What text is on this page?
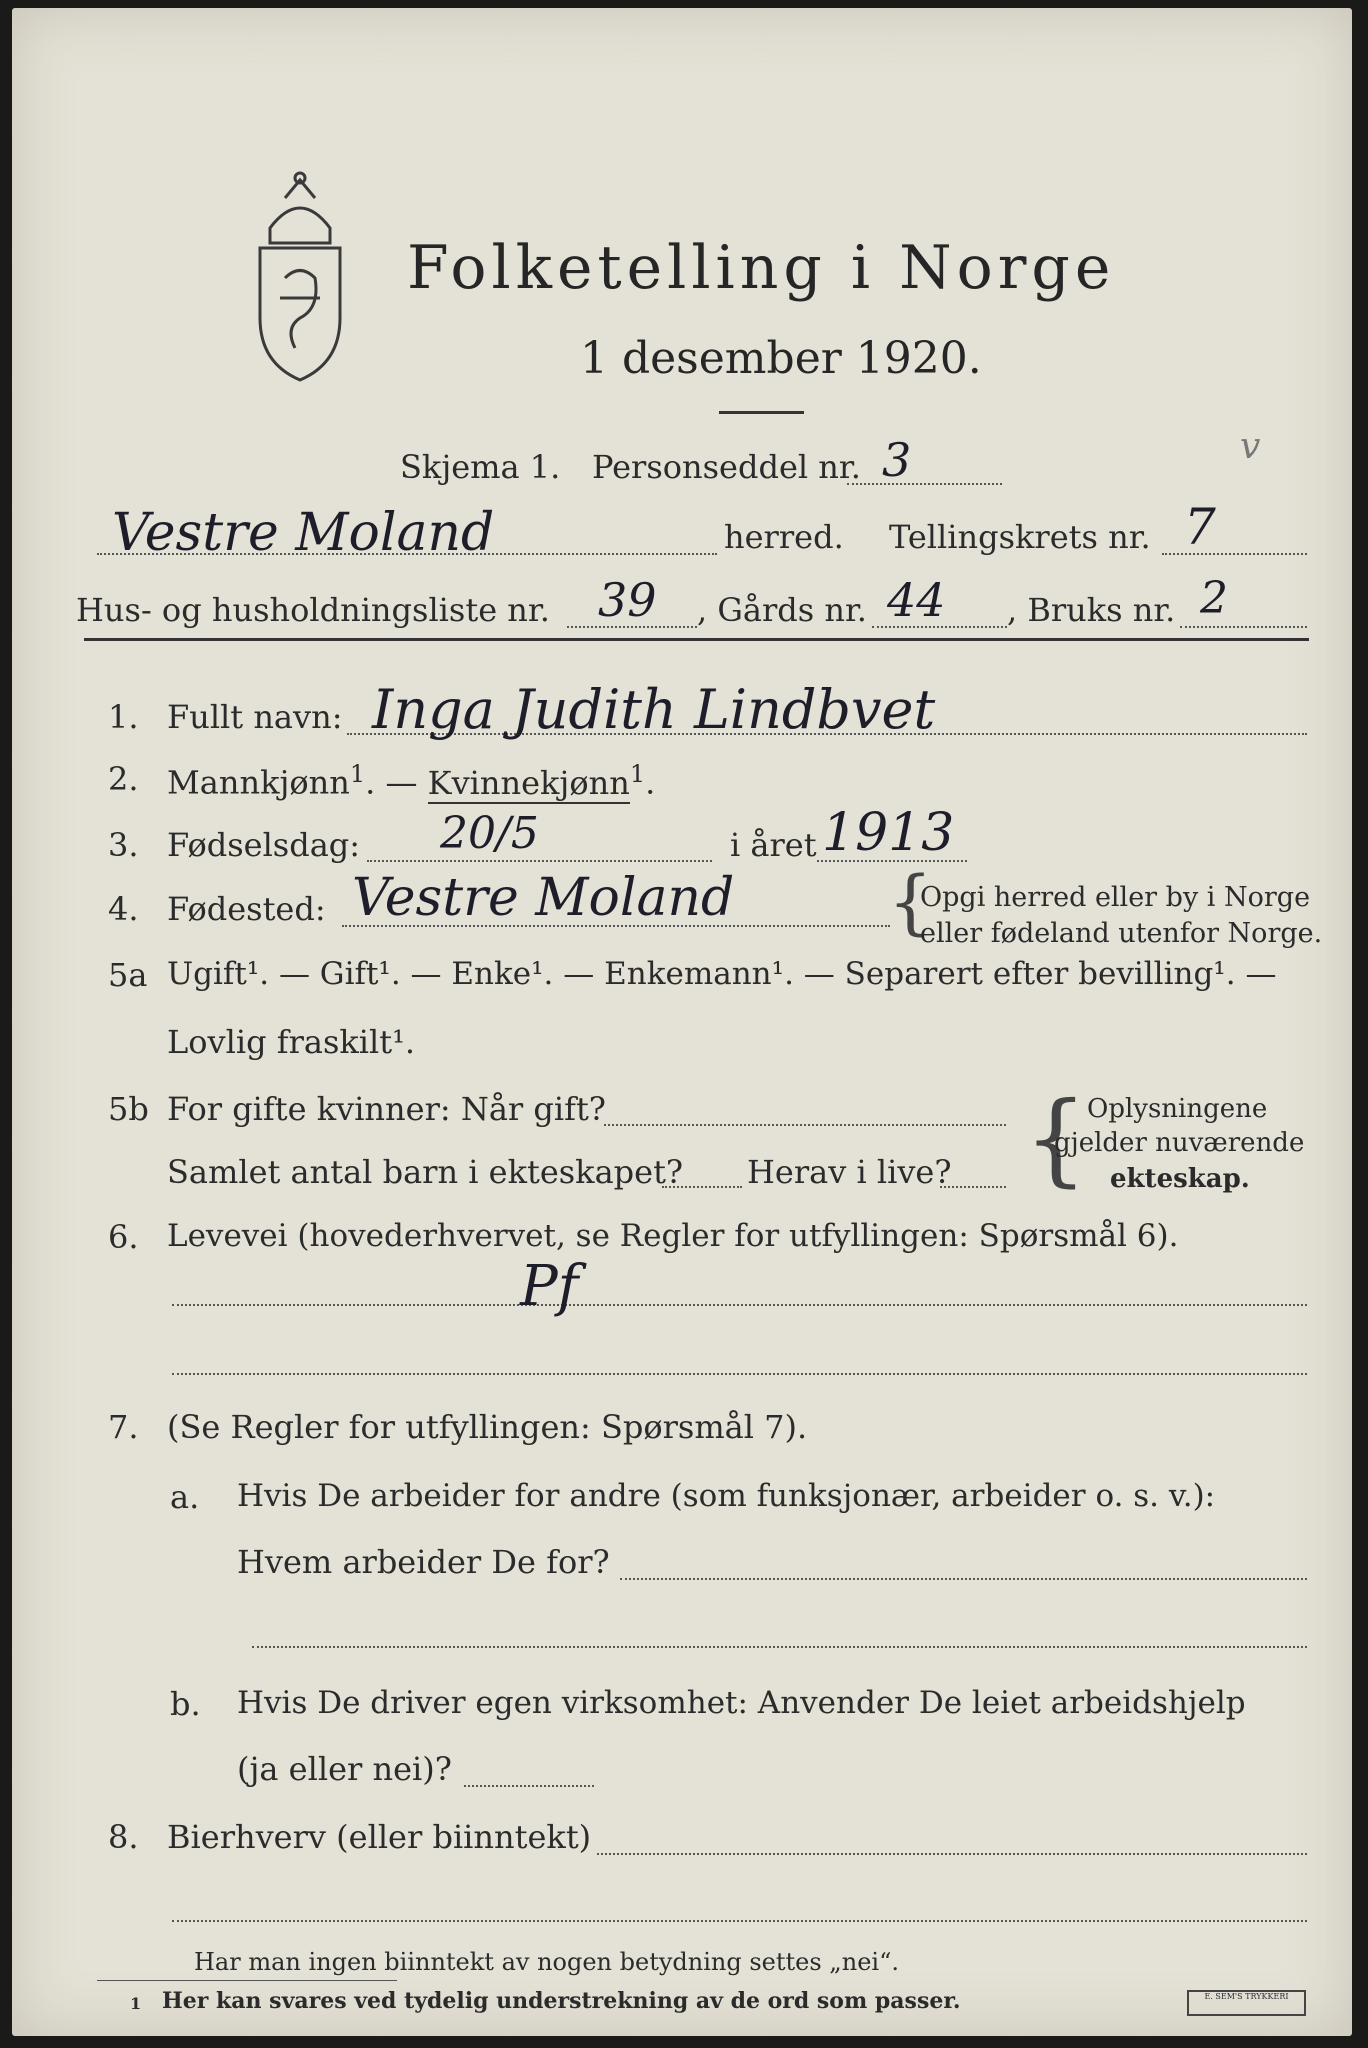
Folketelling i Norge
1 desember 1920.
Skjema 1. Personseddel nr. 3	v
Vestre Moland	herred. Tellingskrets nr. 7
Hus- og husholdningsliste nr. 39 , Gårds nr. 44 , Bruks nr. 2
1. Fullt navn: Inga Judith Lindbvet
2. Mannkjønn$^1$. — Kvinnekjønn$^1$.
3. Fødselsdag: 20/5	i året 1913
4. Fødested: Vestre Moland {
Opgi herred eller by i Norge
eller fødeland utenfor Norge.
5a Ugift¹. — Gift¹. — Enke¹. — Enkemann¹. — Separert efter bevilling¹. —
Lovlig fraskilt¹.
5b For gifte kvinner: Når gift?
Samlet antal barn i ekteskapet? Herav i live? { Oplysningene
gjelder nuværende
ekteskap.
6. Levevei (hovederhvervet, se Regler for utfyllingen: Spørsmål 6).
Pf
7. (Se Regler for utfyllingen: Spørsmål 7).
a. Hvis De arbeider for andre (som funksjonær, arbeider o. s. v.):
Hvem arbeider De for?
b. Hvis De driver egen virksomhet: Anvender De leiet arbeidshjelp
(ja eller nei)?
8. Bierhverv (eller biinntekt)
Har man ingen biinntekt av nogen betydning settes „nei“.
1 Her kan svares ved tydelig understrekning av de ord som passer.	E. SEM'S TRYKKERI
